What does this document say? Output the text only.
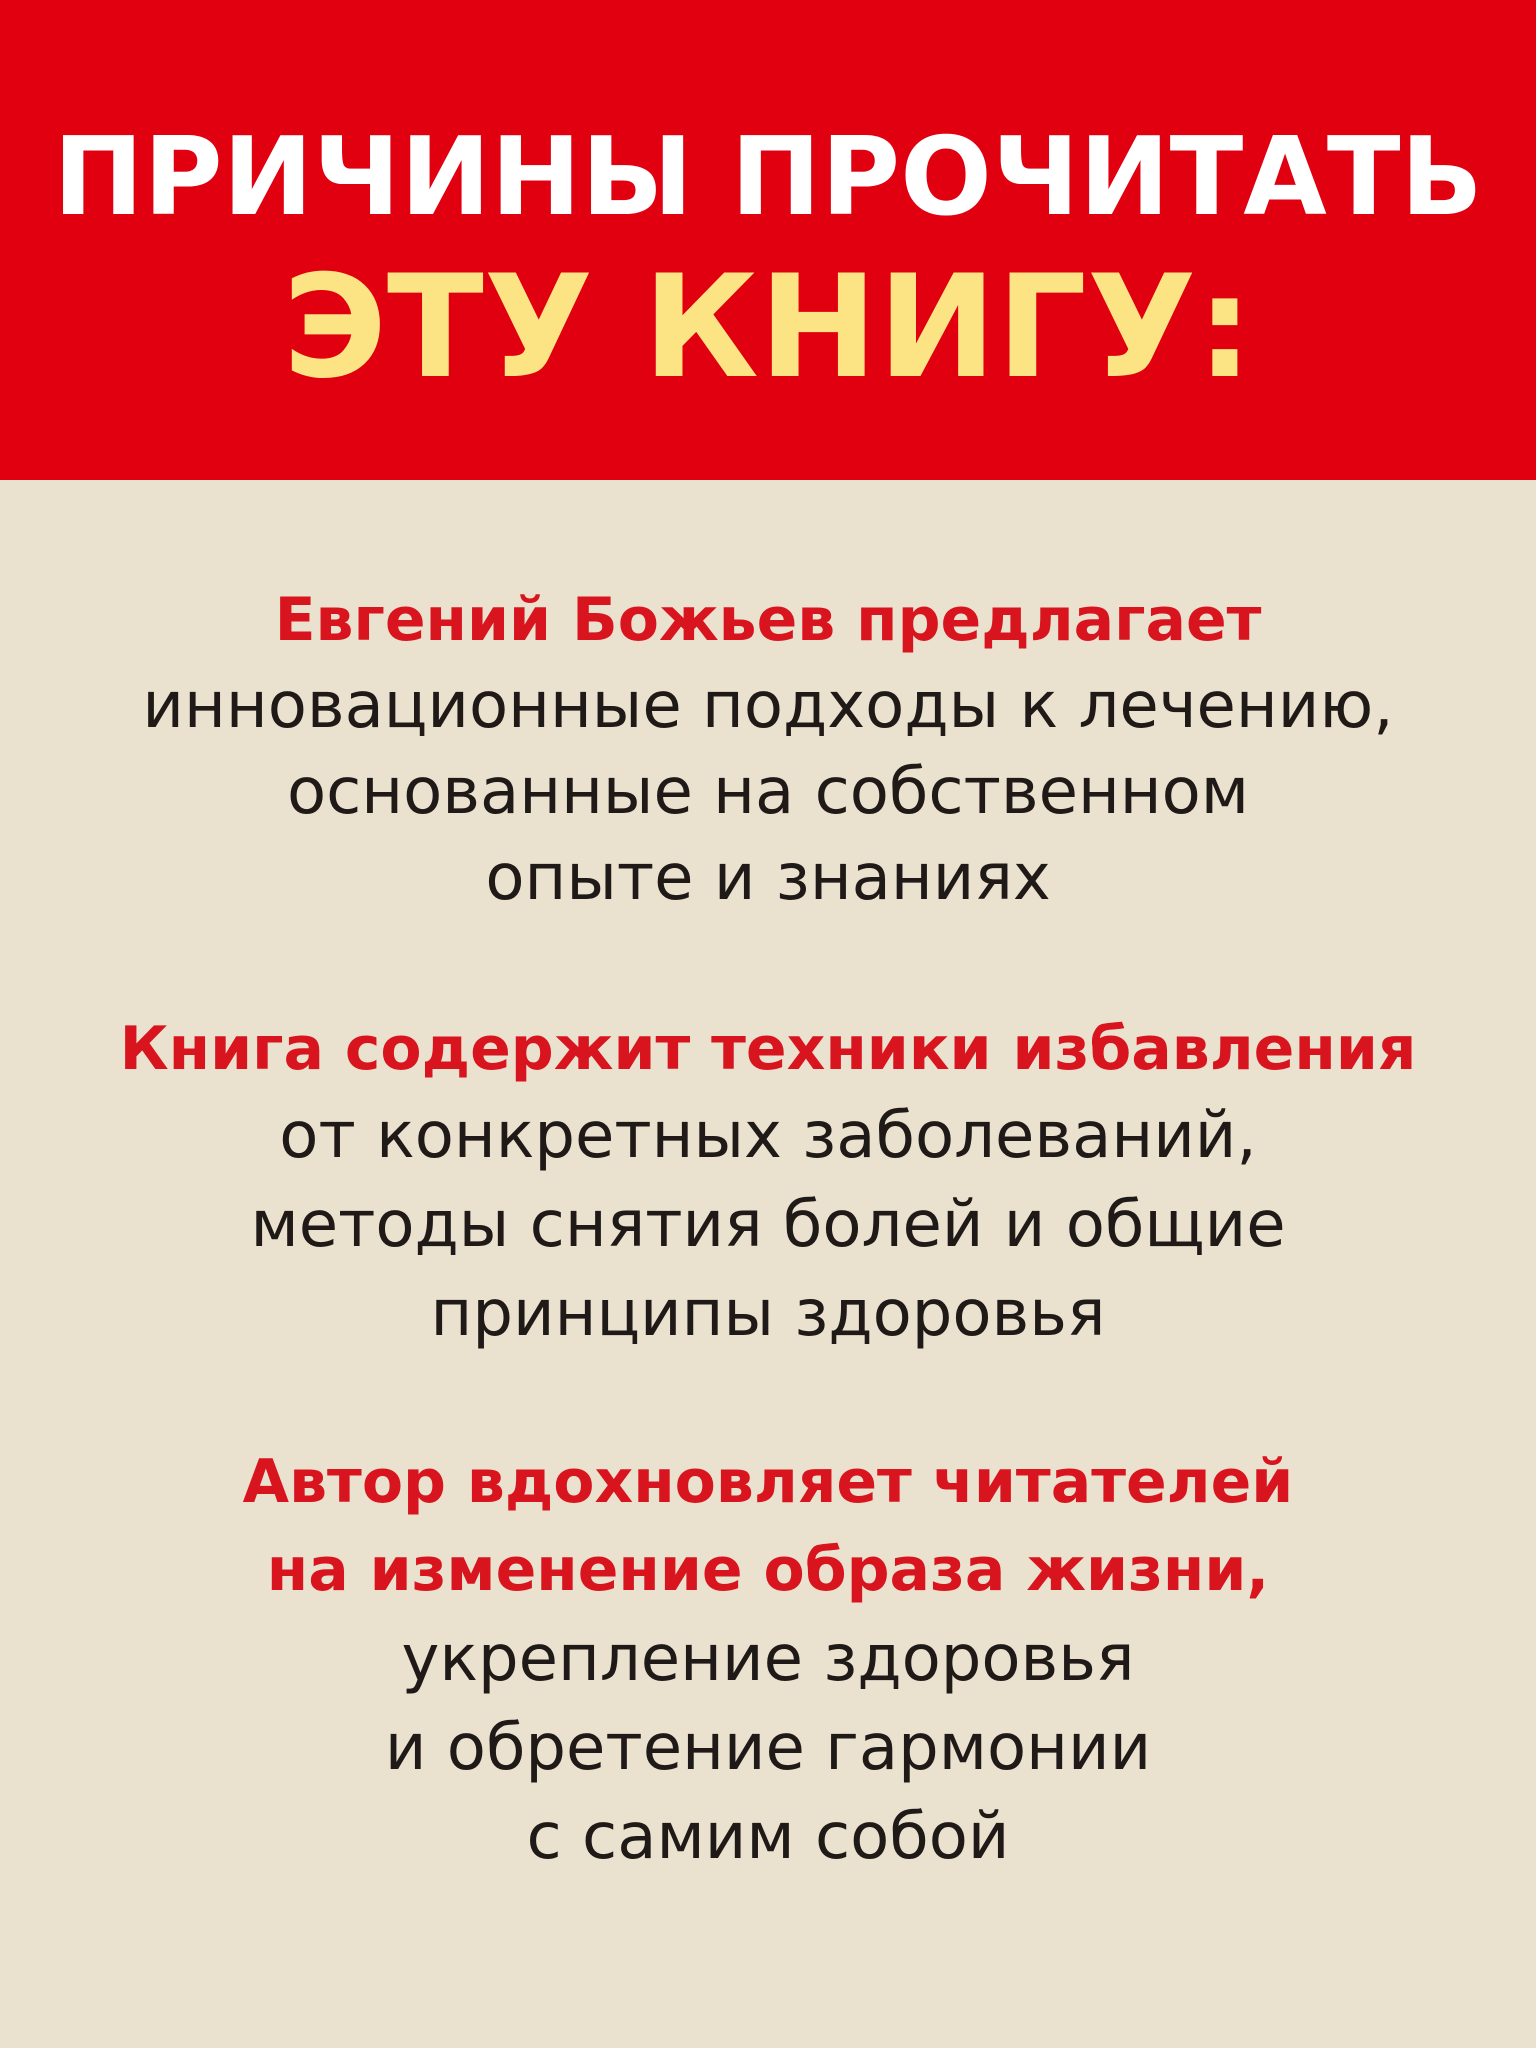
ПРИЧИНЫ ПРОЧИТАТЬ
ЭТУ КНИГУ:
Евгений Божьев предлагает
инновационные подходы к лечению,
основанные на собственном
опыте и знаниях
Книга содержит техники избавления
от конкретных заболеваний,
методы снятия болей и общие
принципы здоровья
Автор вдохновляет читателей
на изменение образа жизни,
укрепление здоровья
и обретение гармонии
с самим собой
